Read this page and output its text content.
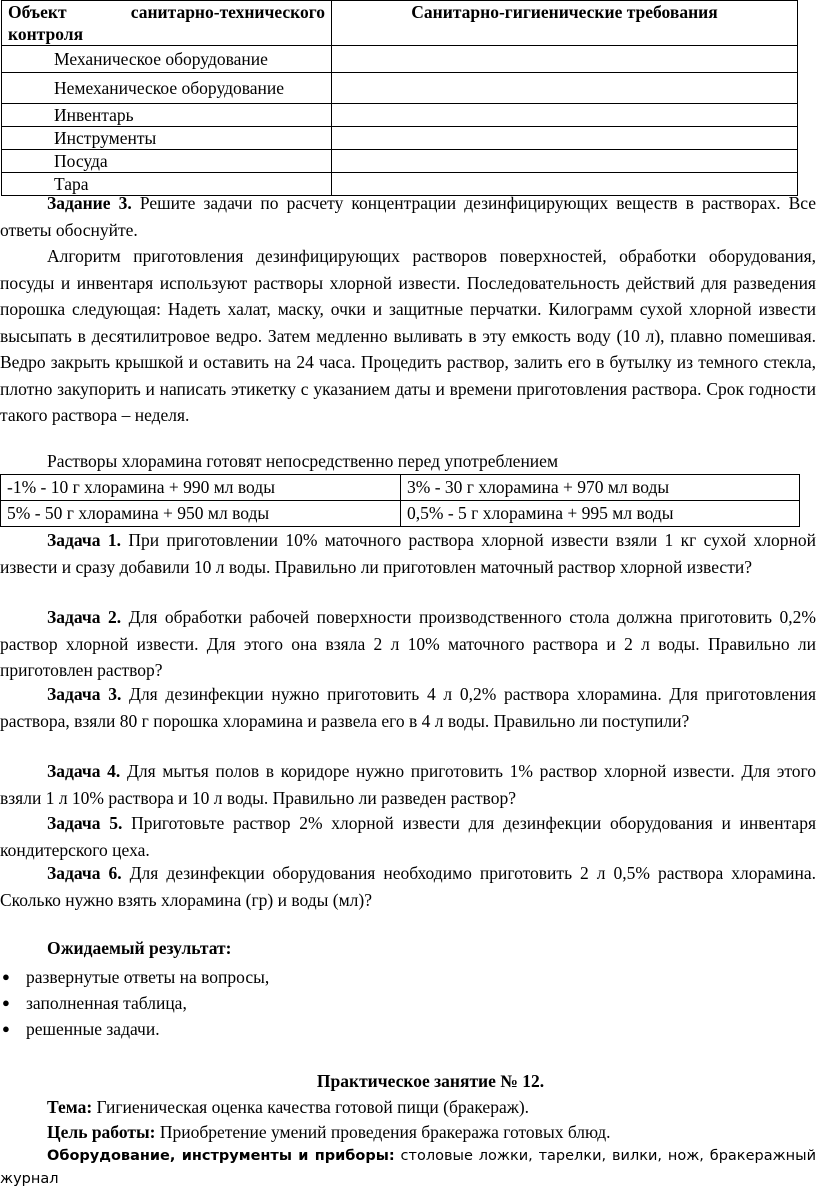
Объект санитарно-технического контроля	Санитарно-гигиенические требования
Механическое оборудование	
Немеханическое оборудование	
Инвентарь	
Инструменты	
Посуда	
Тара	
Задание 3. Решите задачи по расчету концентрации дезинфицирующих веществ в растворах. Все ответы обоснуйте.
Алгоритм приготовления дезинфицирующих растворов поверхностей, обработки оборудования, посуды и инвентаря используют растворы хлорной извести. Последовательность действий для разведения порошка следующая: Надеть халат, маску, очки и защитные перчатки. Килограмм сухой хлорной извести высыпать в десятилитровое ведро. Затем медленно выливать в эту емкость воду (10 л), плавно помешивая. Ведро закрыть крышкой и оставить на 24 часа. Процедить раствор, залить его в бутылку из темного стекла, плотно закупорить и написать этикетку с указанием даты и времени приготовления раствора. Срок годности такого раствора – неделя.
Растворы хлорамина готовят непосредственно перед употреблением
-1% - 10 г хлорамина + 990 мл воды	3% - 30 г хлорамина + 970 мл воды
5% - 50 г хлорамина + 950 мл воды	0,5% - 5 г хлорамина + 995 мл воды
Задача 1. При приготовлении 10% маточного раствора хлорной извести взяли 1 кг сухой хлорной извести и сразу добавили 10 л воды. Правильно ли приготовлен маточный раствор хлорной извести?
Задача 2. Для обработки рабочей поверхности производственного стола должна приготовить 0,2% раствор хлорной извести. Для этого она взяла 2 л 10% маточного раствора и 2 л воды. Правильно ли приготовлен раствор?
Задача 3. Для дезинфекции нужно приготовить 4 л 0,2% раствора хлорамина. Для приготовления раствора, взяли 80 г порошка хлорамина и развела его в 4 л воды. Правильно ли поступили?
Задача 4. Для мытья полов в коридоре нужно приготовить 1% раствор хлорной извести. Для этого взяли 1 л 10% раствора и 10 л воды. Правильно ли разведен раствор?
Задача 5. Приготовьте раствор 2% хлорной извести для дезинфекции оборудования и инвентаря кондитерского цеха.
Задача 6. Для дезинфекции оборудования необходимо приготовить 2 л 0,5% раствора хлорамина. Сколько нужно взять хлорамина (гр) и воды (мл)?
Ожидаемый результат:
● развернутые ответы на вопросы,
● заполненная таблица,
● решенные задачи.
Практическое занятие № 12.
Тема: Гигиеническая оценка качества готовой пищи (бракераж).
Цель работы: Приобретение умений проведения бракеража готовых блюд.
Оборудование, инструменты и приборы: столовые ложки, тарелки, вилки, нож, бракеражный журнал
